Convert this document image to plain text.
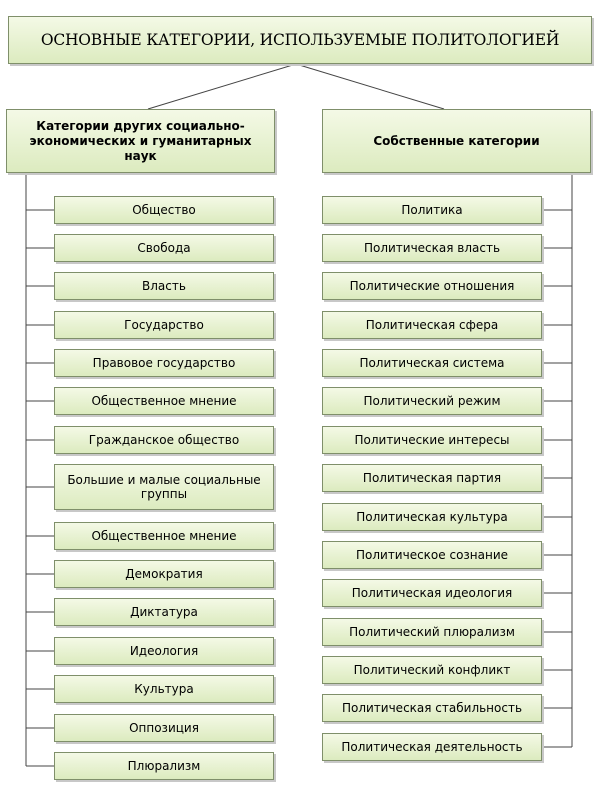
ОСНОВНЫЕ КАТЕГОРИИ, ИСПОЛЬЗУЕМЫЕ ПОЛИТОЛОГИЕЙ
Категории других социально-экономических и гуманитарных наук
Собственные категории
Общество
Свобода
Власть
Государство
Правовое государство
Общественное мнение
Гражданское общество
Большие и малые социальные группы
Общественное мнение
Демократия
Диктатура
Идеология
Культура
Оппозиция
Плюрализм
Политика
Политическая власть
Политические отношения
Политическая сфера
Политическая система
Политический режим
Политические интересы
Политическая партия
Политическая культура
Политическое сознание
Политическая идеология
Политический плюрализм
Политический конфликт
Политическая стабильность
Политическая деятельность
